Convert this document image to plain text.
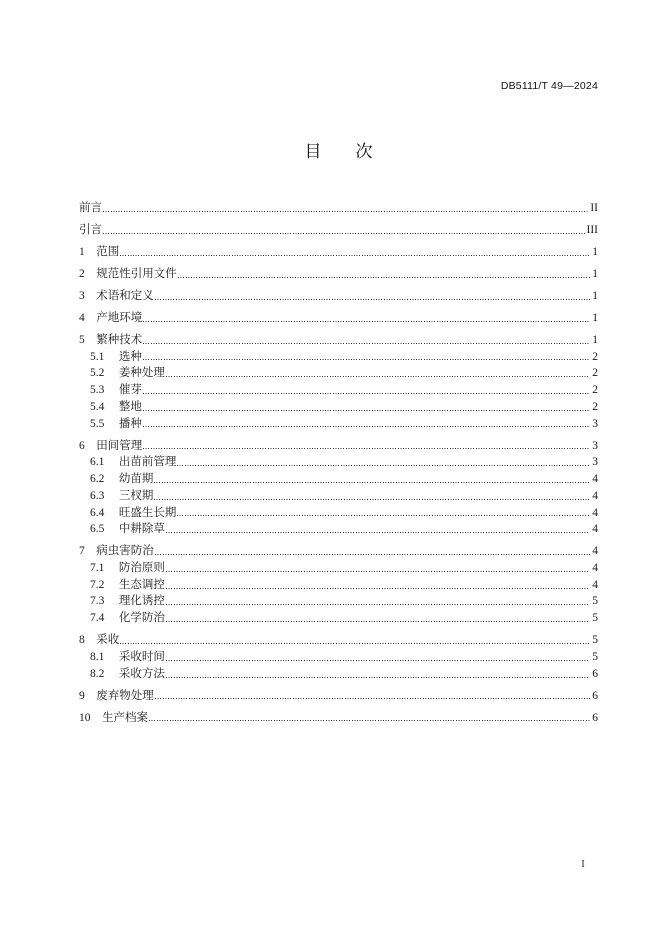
DB5111/T 49—2024
目　　次
前言	II
引言	III
1 范围	1
2 规范性引用文件	1
3 术语和定义	1
4 产地环境	1
5 繁种技术	1
5.1 选种	2
5.2 姜种处理	2
5.3 催芽	2
5.4 整地	2
5.5 播种	3
6 田间管理	3
6.1 出苗前管理	3
6.2 幼苗期	4
6.3 三杈期	4
6.4 旺盛生长期	4
6.5 中耕除草	4
7 病虫害防治	4
7.1 防治原则	4
7.2 生态调控	4
7.3 理化诱控	5
7.4 化学防治	5
8 采收	5
8.1 采收时间	5
8.2 采收方法	6
9 废弃物处理	6
10 生产档案	6
I
